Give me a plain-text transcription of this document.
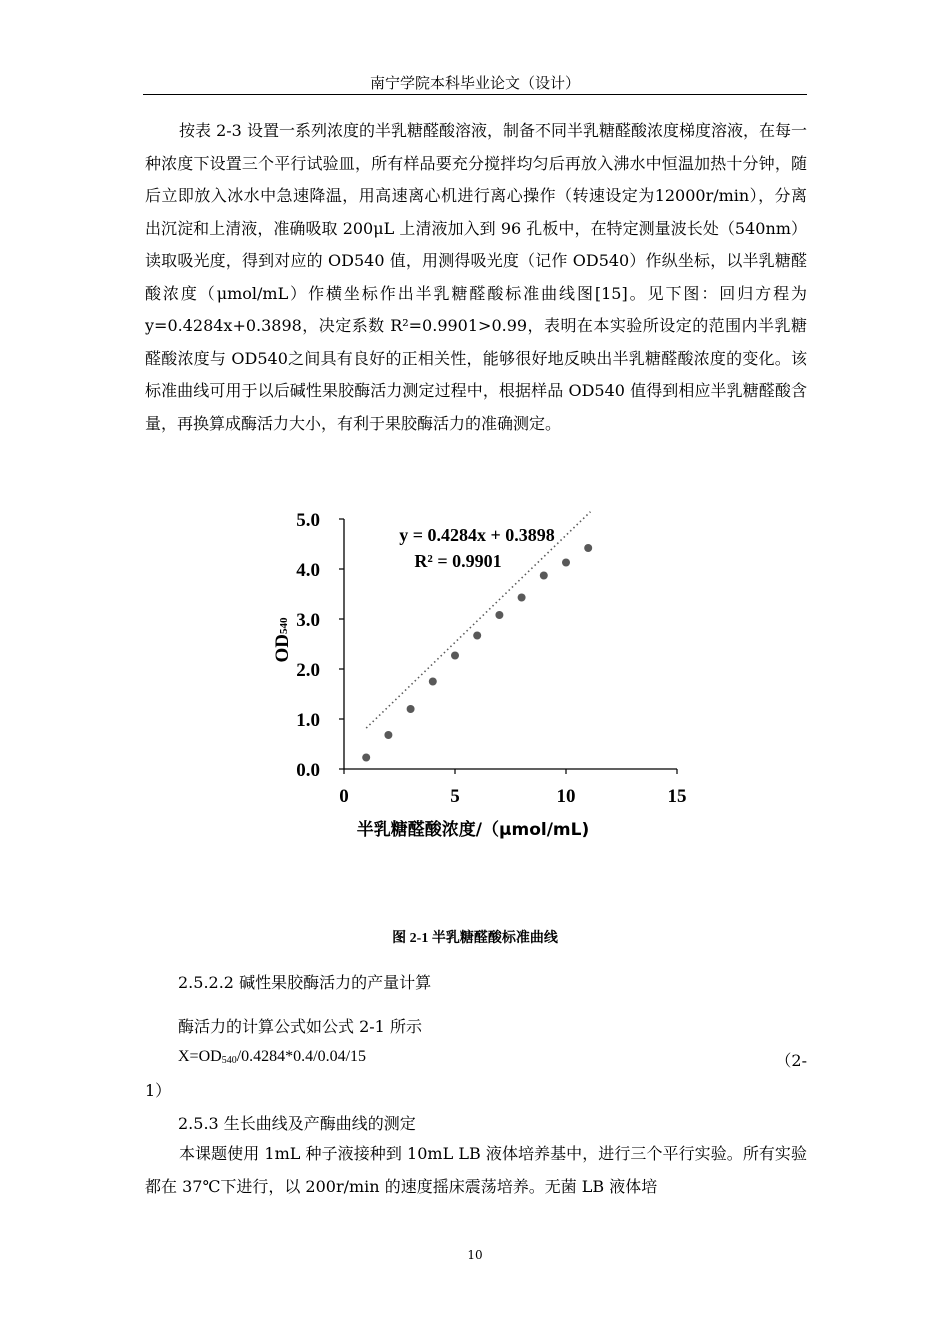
南宁学院本科毕业论文（设计）
按表 2-3 设置一系列浓度的半乳糖醛酸溶液，制备不同半乳糖醛酸浓度梯度溶液，在每一种浓度下设置三个平行试验皿，所有样品要充分搅拌均匀后再放入沸水中恒温加热十分钟，随后立即放入冰水中急速降温，用高速离心机进行离心操作（转速设定为12000r/min），分离出沉淀和上清液，准确吸取 200μL 上清液加入到 96 孔板中，在特定测量波长处（540nm）读取吸光度，得到对应的 OD540 值，用测得吸光度（记作 OD540）作纵坐标，以半乳糖醛酸浓度（μmol/mL）作横坐标作出半乳糖醛酸标准曲线图[15]。见下图：回归方程为 y=0.4284x+0.3898，决定系数 R²=0.9901>0.99，表明在本实验所设定的范围内半乳糖醛酸浓度与 OD540之间具有良好的正相关性，能够很好地反映出半乳糖醛酸浓度的变化。该标准曲线可用于以后碱性果胶酶活力测定过程中，根据样品 OD540 值得到相应半乳糖醛酸含量，再换算成酶活力大小，有利于果胶酶活力的准确测定。
0.0
1.0
2.0
3.0
4.0
5.0
0	5	10	15
y = 0.4284x + 0.3898
R² = 0.9901
OD540
半乳糖醛酸浓度/（μmol/mL)
图 2-1 半乳糖醛酸标准曲线
2.5.2.2 碱性果胶酶活力的产量计算
酶活力的计算公式如公式 2-1 所示
$X=OD_{540}/0.4284*0.4/0.04/15$	（2-
1）
2.5.3 生长曲线及产酶曲线的测定
本课题使用 1mL 种子液接种到 10mL LB 液体培养基中，进行三个平行实验。所有实验都在 37℃下进行，以 200r/min 的速度摇床震荡培养。无菌 LB 液体培
10
